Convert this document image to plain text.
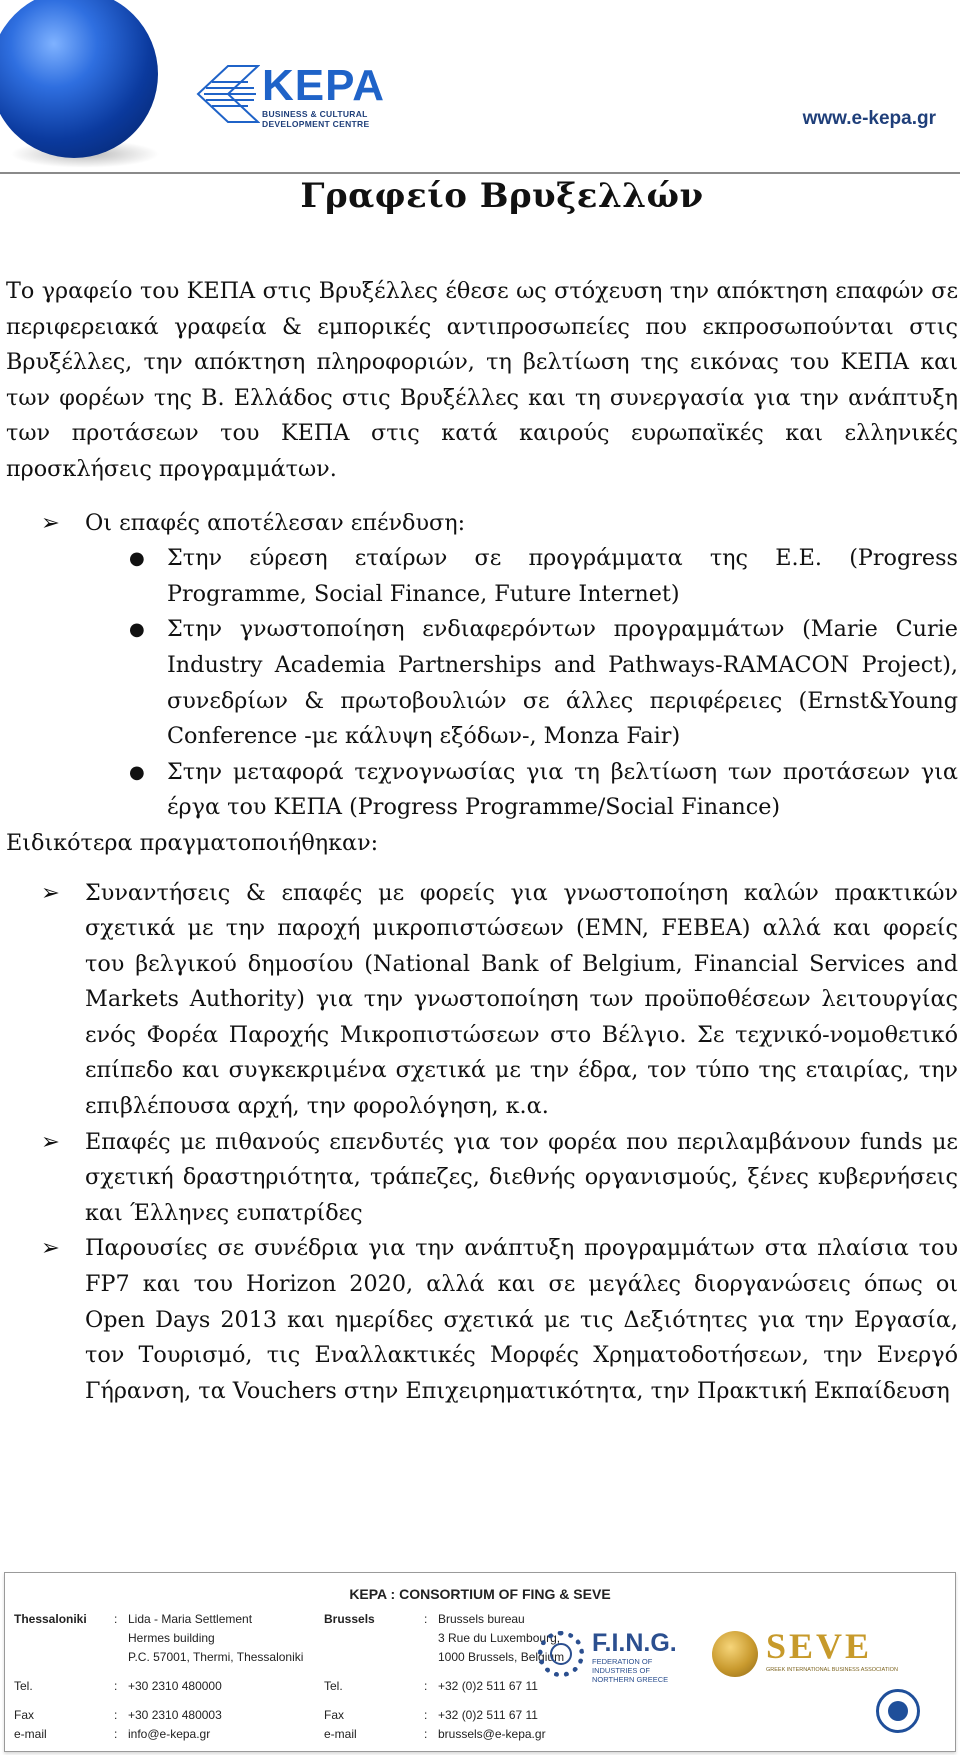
KEPA
BUSINESS & CULTURAL
DEVELOPMENT CENTRE	www.e-kepa.gr
Γραφείο Βρυξελλών

Το γραφείο του ΚΕΠΑ στις Βρυξέλλες έθεσε ως στόχευση την απόκτηση επαφών σε περιφερειακά γραφεία & εμπορικές αντιπροσωπείες που εκπροσωπούνται στις Βρυξέλλες, την απόκτηση πληροφοριών, τη βελτίωση της εικόνας του ΚΕΠΑ και των φορέων της Β. Ελλάδος στις Βρυξέλλες και τη συνεργασία για την ανάπτυξη των προτάσεων του ΚΕΠΑ στις κατά καιρούς ευρωπαϊκές και ελληνικές προσκλήσεις προγραμμάτων.

➢ Οι επαφές αποτέλεσαν επένδυση:
● Στην εύρεση εταίρων σε προγράμματα της Ε.Ε. (Progress Programme, Social Finance, Future Internet)
● Στην γνωστοποίηση ενδιαφερόντων προγραμμάτων (Marie Curie Industry Academia Partnerships and Pathways-RAMACON Project), συνεδρίων & πρωτοβουλιών σε άλλες περιφέρειες (Ernst&Young Conference -με κάλυψη εξόδων-, Monza Fair)
● Στην μεταφορά τεχνογνωσίας για τη βελτίωση των προτάσεων για έργα του ΚΕΠΑ (Progress Programme/Social Finance)

Ειδικότερα πραγματοποιήθηκαν:

➢ Συναντήσεις & επαφές με φορείς για γνωστοποίηση καλών πρακτικών σχετικά με την παροχή μικροπιστώσεων (EMN, FEBEA) αλλά και φορείς του βελγικού δημοσίου (National Bank of Belgium, Financial Services and Markets Authority) για την γνωστοποίηση των προϋποθέσεων λειτουργίας ενός Φορέα Παροχής Μικροπιστώσεων στο Βέλγιο. Σε τεχνικό-νομοθετικό επίπεδο και συγκεκριμένα σχετικά με την έδρα, τον τύπο της εταιρίας, την επιβλέπουσα αρχή, την φορολόγηση, κ.α.
➢ Επαφές με πιθανούς επενδυτές για τον φορέα που περιλαμβάνουν funds με σχετική δραστηριότητα, τράπεζες, διεθνής οργανισμούς, ξένες κυβερνήσεις και Έλληνες ευπατρίδες
➢ Παρουσίες σε συνέδρια για την ανάπτυξη προγραμμάτων στα πλαίσια του FP7 και του Horizon 2020, αλλά και σε μεγάλες διοργανώσεις όπως οι Open Days 2013 και ημερίδες σχετικά με τις Δεξιότητες για την Εργασία, τον Τουρισμό, τις Εναλλακτικές Μορφές Χρηματοδοτήσεων, την Ενεργό Γήρανση, τα Vouchers στην Επιχειρηματικότητα, την Πρακτική Εκπαίδευση
KEPA : CONSORTIUM OF FING & SEVE
Thessaloniki	: Lida - Maria Settlement
Hermes building
P.C. 57001, Thermi, Thessaloniki
Tel.	: +30 2310 480000
Fax	: +30 2310 480003
e-mail	: info@e-kepa.gr
Brussels	: Brussels bureau
3 Rue du Luxembourg,
1000 Brussels, Belgium
Tel.	: +32 (0)2 511 67 11
Fax	: +32 (0)2 511 67 11
e-mail	: brussels@e-kepa.gr
F.I.N.G.
FEDERATION OF
INDUSTRIES OF
NORTHERN GREECE
SEVE
GREEK INTERNATIONAL BUSINESS ASSOCIATION
